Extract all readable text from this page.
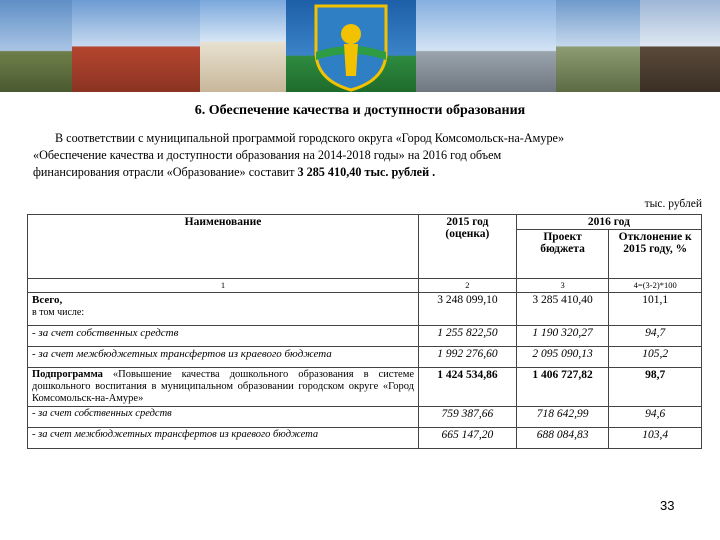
6. Обеспечение качества и доступности образования
В соответствии с муниципальной программой городского округа «Город Комсомольск-на-Амуре»
«Обеспечение качества и доступности образования на 2014-2018 годы» на 2016 год объем
финансирования отрасли «Образование» составит 3 285 410,40 тыс. рублей .
тыс. рублей
Наименование	2015 год (оценка)	2016 год	
		Проект бюджета	Отклонение к 2015 году, %
1	2	3	4=(3-2)*100
Всего,
в том числе:	3 248 099,10	3 285 410,40	101,1
- за счет собственных средств	1 255 822,50	1 190 320,27	94,7
- за счет межбюджетных трансфертов из краевого бюджета	1 992 276,60	2 095 090,13	105,2
Подпрограмма «Повышение качества дошкольного образования в системе дошкольного воспитания в муниципальном образовании городском округе «Город Комсомольск-на-Амуре»	1 424 534,86	1 406 727,82	98,7
- за счет собственных средств	759 387,66	718 642,99	94,6
- за счет межбюджетных трансфертов из краевого бюджета	665 147,20	688 084,83	103,4
33
